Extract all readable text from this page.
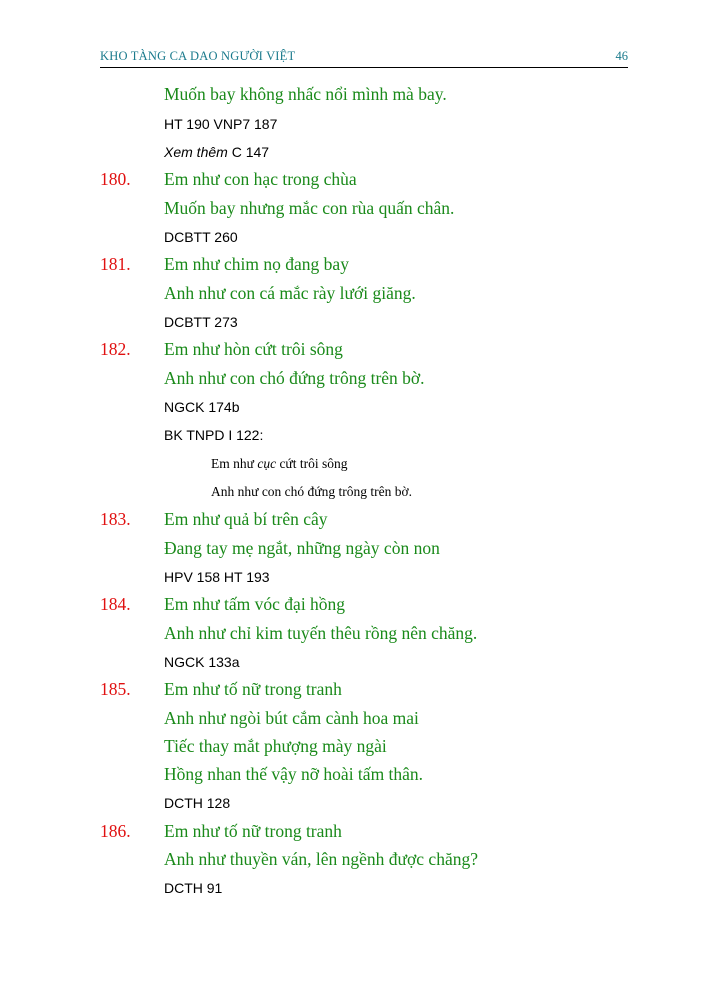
KHO TÀNG CA DAO NGƯỜI VIỆT	46
Muốn bay không nhấc nổi mình mà bay.
HT 190 VNP7 187
Xem thêm C 147
180. Em như con hạc trong chùa
Muốn bay nhưng mắc con rùa quấn chân.
DCBTT 260
181. Em như chim nọ đang bay
Anh như con cá mắc rày lưới giăng.
DCBTT 273
182. Em như hòn cứt trôi sông
Anh như con chó đứng trông trên bờ.
NGCK 174b
BK TNPD I 122:
Em như cục cứt trôi sông
Anh như con chó đứng trông trên bờ.
183. Em như quả bí trên cây
Đang tay mẹ ngắt, những ngày còn non
HPV 158 HT 193
184. Em như tấm vóc đại hồng
Anh như chỉ kim tuyến thêu rồng nên chăng.
NGCK 133a
185. Em như tố nữ trong tranh
Anh như ngòi bút cắm cành hoa mai
Tiếc thay mắt phượng mày ngài
Hồng nhan thế vậy nỡ hoài tấm thân.
DCTH 128
186. Em như tố nữ trong tranh
Anh như thuyền ván, lên ngềnh được chăng?
DCTH 91
